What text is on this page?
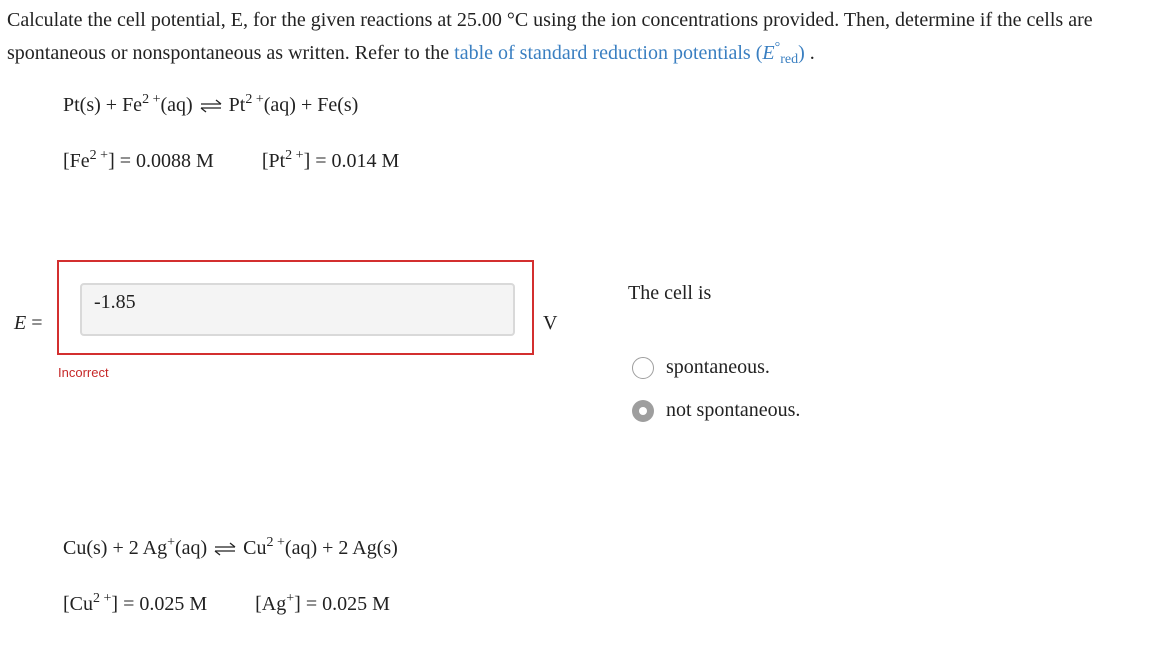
Calculate the cell potential, E, for the given reactions at 25.00 °C using the ion concentrations provided. Then, determine if the cells are spontaneous or nonspontaneous as written. Refer to the table of standard reduction potentials $(E^\circ_{red})$ .

$Pt(s) + Fe^{2 +}(aq)$ ⇌ $Pt^{2 +}(aq) + Fe(s)$
$[Fe^{2 +}] = 0.0088$ M $[Pt^{2 +}] = 0.014$ M
E =
-1.85	V
Incorrect
The cell is
spontaneous.
not spontaneous.
Cu(s) + 2 Ag+(aq) ⇌ $Cu^{2 +}(aq) + 2$ Ag(s)
$[Cu^{2 +}] = 0.025$ M [Ag+] = 0.025 M
